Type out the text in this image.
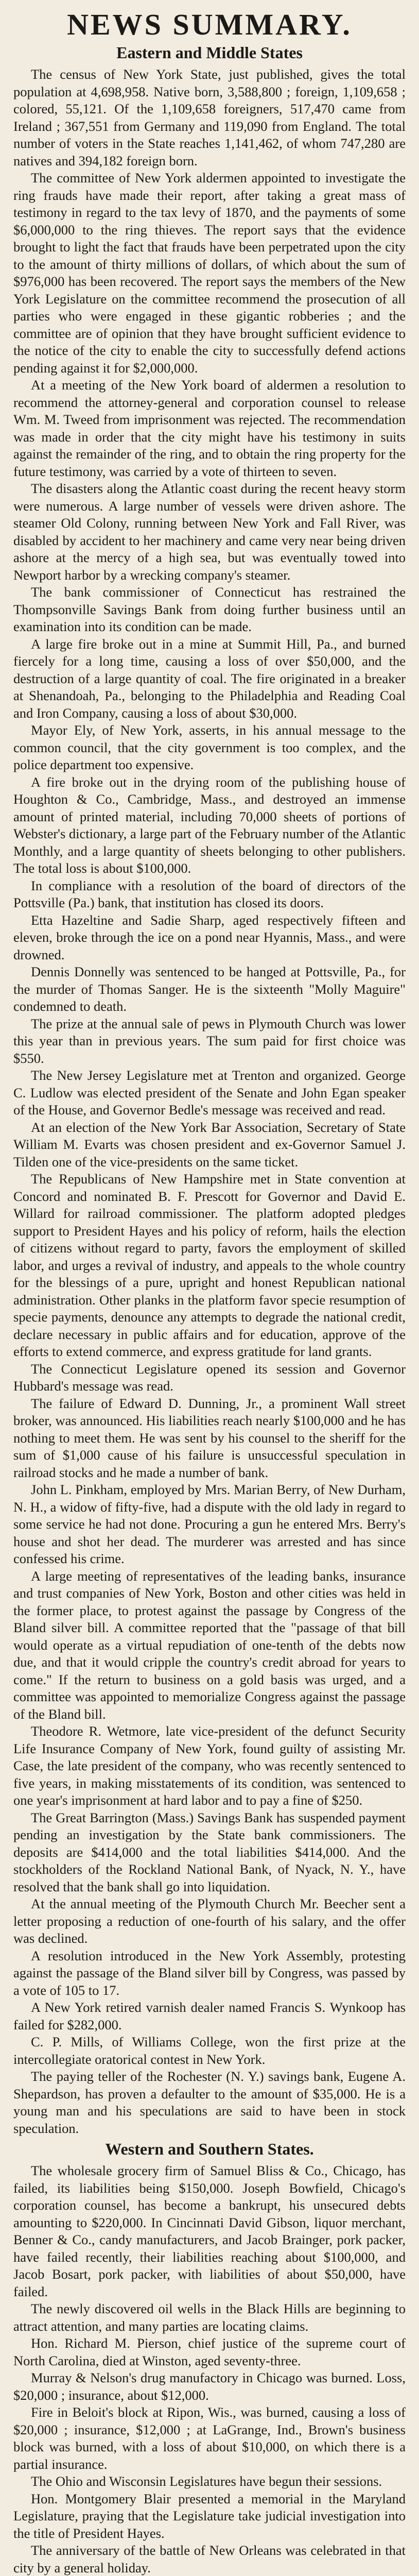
NEWS SUMMARY.
Eastern and Middle States

The census of New York State, just published, gives the total population at 4,698,958. Native born, 3,588,800 ; foreign, 1,109,658 ; colored, 55,121. Of the 1,109,658 foreigners, 517,470 came from Ireland ; 367,551 from Germany and 119,090 from England. The total number of voters in the State reaches 1,141,462, of whom 747,280 are natives and 394,182 foreign born.

The committee of New York aldermen appointed to investigate the ring frauds have made their report, after taking a great mass of testimony in regard to the tax levy of 1870, and the payments of some $6,000,000 to the ring thieves. The report says that the evidence brought to light the fact that frauds have been perpetrated upon the city to the amount of thirty millions of dollars, of which about the sum of $976,000 has been recovered. The report says the members of the New York Legislature on the committee recommend the prosecution of all parties who were engaged in these gigantic robberies ; and the committee are of opinion that they have brought sufficient evidence to the notice of the city to enable the city to successfully defend actions pending against it for $2,000,000.

At a meeting of the New York board of aldermen a resolution to recommend the attorney-general and corporation counsel to release Wm. M. Tweed from imprisonment was rejected. The recommendation was made in order that the city might have his testimony in suits against the remainder of the ring, and to obtain the ring property for the future testimony, was carried by a vote of thirteen to seven.

The disasters along the Atlantic coast during the recent heavy storm were numerous. A large number of vessels were driven ashore. The steamer Old Colony, running between New York and Fall River, was disabled by accident to her machinery and came very near being driven ashore at the mercy of a high sea, but was eventually towed into Newport harbor by a wrecking company's steamer.

The bank commissioner of Connecticut has restrained the Thompsonville Savings Bank from doing further business until an examination into its condition can be made.

A large fire broke out in a mine at Summit Hill, Pa., and burned fiercely for a long time, causing a loss of over $50,000, and the destruction of a large quantity of coal. The fire originated in a breaker at Shenandoah, Pa., belonging to the Philadelphia and Reading Coal and Iron Company, causing a loss of about $30,000.

Mayor Ely, of New York, asserts, in his annual message to the common council, that the city government is too complex, and the police department too expensive.

A fire broke out in the drying room of the publishing house of Houghton & Co., Cambridge, Mass., and destroyed an immense amount of printed material, including 70,000 sheets of portions of Webster's dictionary, a large part of the February number of the Atlantic Monthly, and a large quantity of sheets belonging to other publishers. The total loss is about $100,000.

In compliance with a resolution of the board of directors of the Pottsville (Pa.) bank, that institution has closed its doors.

Etta Hazeltine and Sadie Sharp, aged respectively fifteen and eleven, broke through the ice on a pond near Hyannis, Mass., and were drowned.

Dennis Donnelly was sentenced to be hanged at Pottsville, Pa., for the murder of Thomas Sanger. He is the sixteenth "Molly Maguire" condemned to death.

The prize at the annual sale of pews in Plymouth Church was lower this year than in previous years. The sum paid for first choice was $550.

The New Jersey Legislature met at Trenton and organized. George C. Ludlow was elected president of the Senate and John Egan speaker of the House, and Governor Bedle's message was received and read.

At an election of the New York Bar Association, Secretary of State William M. Evarts was chosen president and ex-Governor Samuel J. Tilden one of the vice-presidents on the same ticket.

The Republicans of New Hampshire met in State convention at Concord and nominated B. F. Prescott for Governor and David E. Willard for railroad commissioner. The platform adopted pledges support to President Hayes and his policy of reform, hails the election of citizens without regard to party, favors the employment of skilled labor, and urges a revival of industry, and appeals to the whole country for the blessings of a pure, upright and honest Republican national administration. Other planks in the platform favor specie resumption of specie payments, denounce any attempts to degrade the national credit, declare necessary in public affairs and for education, approve of the efforts to extend commerce, and express gratitude for land grants.

The Connecticut Legislature opened its session and Governor Hubbard's message was read.

The failure of Edward D. Dunning, Jr., a prominent Wall street broker, was announced. His liabilities reach nearly $100,000 and he has nothing to meet them. He was sent by his counsel to the sheriff for the sum of $1,000 cause of his failure is unsuccessful speculation in railroad stocks and he made a number of bank.

John L. Pinkham, employed by Mrs. Marian Berry, of New Durham, N. H., a widow of fifty-five, had a dispute with the old lady in regard to some service he had not done. Procuring a gun he entered Mrs. Berry's house and shot her dead. The murderer was arrested and has since confessed his crime.

A large meeting of representatives of the leading banks, insurance and trust companies of New York, Boston and other cities was held in the former place, to protest against the passage by Congress of the Bland silver bill. A committee reported that the "passage of that bill would operate as a virtual repudiation of one-tenth of the debts now due, and that it would cripple the country's credit abroad for years to come." If the return to business on a gold basis was urged, and a committee was appointed to memorialize Congress against the passage of the Bland bill.

Theodore R. Wetmore, late vice-president of the defunct Security Life Insurance Company of New York, found guilty of assisting Mr. Case, the late president of the company, who was recently sentenced to five years, in making misstatements of its condition, was sentenced to one year's imprisonment at hard labor and to pay a fine of $250.

The Great Barrington (Mass.) Savings Bank has suspended payment pending an investigation by the State bank commissioners. The deposits are $414,000 and the total liabilities $414,000. And the stockholders of the Rockland National Bank, of Nyack, N. Y., have resolved that the bank shall go into liquidation.

At the annual meeting of the Plymouth Church Mr. Beecher sent a letter proposing a reduction of one-fourth of his salary, and the offer was declined.

A resolution introduced in the New York Assembly, protesting against the passage of the Bland silver bill by Congress, was passed by a vote of 105 to 17.

A New York retired varnish dealer named Francis S. Wynkoop has failed for $282,000.

C. P. Mills, of Williams College, won the first prize at the intercollegiate oratorical contest in New York.

The paying teller of the Rochester (N. Y.) savings bank, Eugene A. Shepardson, has proven a defaulter to the amount of $35,000. He is a young man and his speculations are said to have been in stock speculation.

Western and Southern States.

The wholesale grocery firm of Samuel Bliss & Co., Chicago, has failed, its liabilities being $150,000. Joseph Bowfield, Chicago's corporation counsel, has become a bankrupt, his unsecured debts amounting to $220,000. In Cincinnati David Gibson, liquor merchant, Benner & Co., candy manufacturers, and Jacob Brainger, pork packer, have failed recently, their liabilities reaching about $100,000, and Jacob Bosart, pork packer, with liabilities of about $50,000, have failed.

The newly discovered oil wells in the Black Hills are beginning to attract attention, and many parties are locating claims.

Hon. Richard M. Pierson, chief justice of the supreme court of North Carolina, died at Winston, aged seventy-three.

Murray & Nelson's drug manufactory in Chicago was burned. Loss, $20,000 ; insurance, about $12,000.

Fire in Beloit's block at Ripon, Wis., was burned, causing a loss of $20,000 ; insurance, $12,000 ; at LaGrange, Ind., Brown's business block was burned, with a loss of about $10,000, on which there is a partial insurance.

The Ohio and Wisconsin Legislatures have begun their sessions.

Hon. Montgomery Blair presented a memorial in the Maryland Legislature, praying that the Legislature take judicial investigation into the title of President Hayes.

The anniversary of the battle of New Orleans was celebrated in that city by a general holiday.
